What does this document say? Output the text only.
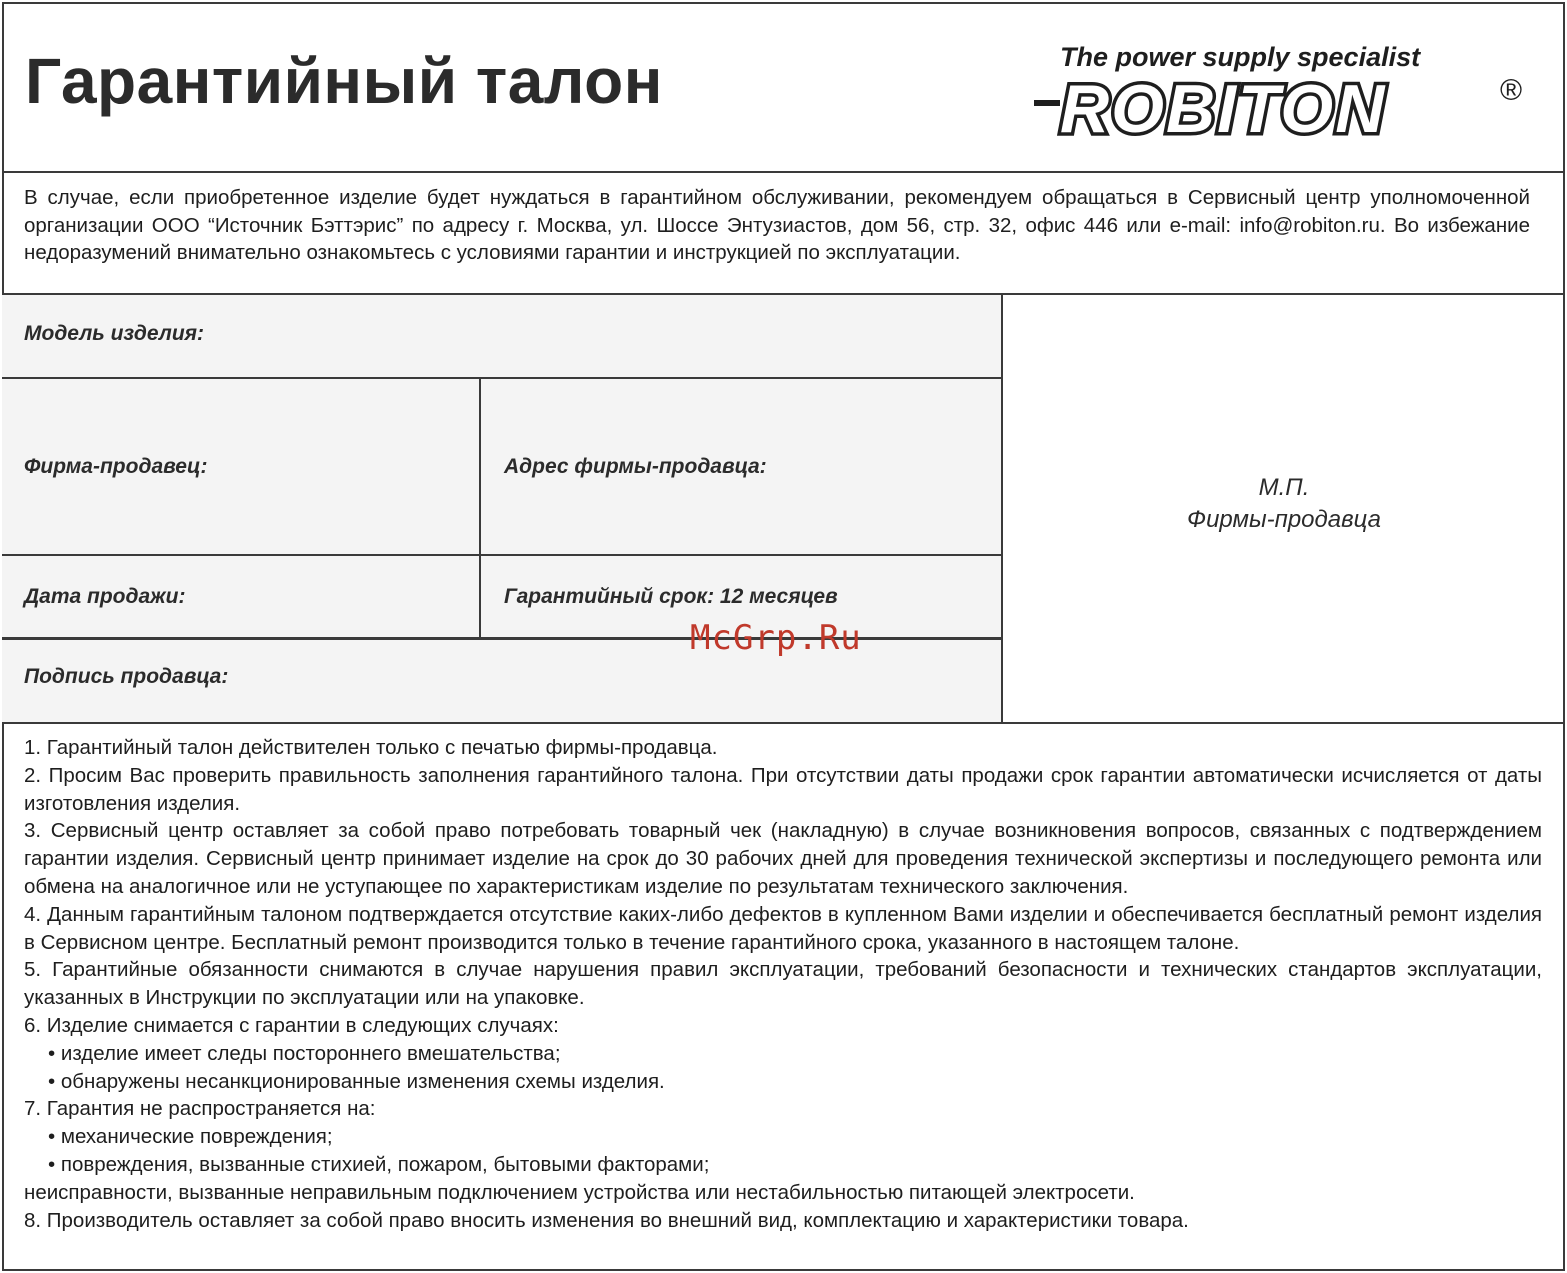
Гарантийный талон	The power supply specialist
ROBITON	®
В случае, если приобретенное изделие будет нуждаться в гарантийном обслуживании, рекомендуем обращаться в Сервисный центр уполномоченной организации ООО “Источник Бэттэрис” по адресу г. Москва, ул. Шоссе Энтузиастов, дом 56, стр. 32, офис 446 или e-mail: info@robiton.ru. Во избежание недоразумений внимательно ознакомьтесь с условиями гарантии и инструкцией по эксплуатации.
Модель изделия:
Фирма-продавец:	Адрес фирмы-продавца:
Дата продажи:	Гарантийный срок: 12 месяцев
Подпись продавца:
М.П.
Фирмы-продавца
McGrp.Ru

1. Гарантийный талон действителен только с печатью фирмы-продавца.

2. Просим Вас проверить правильность заполнения гарантийного талона. При отсутствии даты продажи срок гарантии автоматически исчисляется от даты изготовления изделия.

3. Сервисный центр оставляет за собой право потребовать товарный чек (накладную) в случае возникновения вопросов, связанных с подтверждением гарантии изделия. Сервисный центр принимает изделие на срок до 30 рабочих дней для проведения технической экспертизы и последующего ремонта или обмена на аналогичное или не уступающее по характеристикам изделие по результатам технического заключения.

4. Данным гарантийным талоном подтверждается отсутствие каких-либо дефектов в купленном Вами изделии и обеспечивается бесплатный ремонт изделия в Сервисном центре. Бесплатный ремонт производится только в течение гарантийного срока, указанного в настоящем талоне.

5. Гарантийные обязанности снимаются в случае нарушения правил эксплуатации, требований безопасности и технических стандартов эксплуатации, указанных в Инструкции по эксплуатации или на упаковке.

6. Изделие снимается с гарантии в следующих случаях:

• изделие имеет следы постороннего вмешательства;

• обнаружены несанкционированные изменения схемы изделия.

7. Гарантия не распространяется на:

• механические повреждения;

• повреждения, вызванные стихией, пожаром, бытовыми факторами;

неисправности, вызванные неправильным подключением устройства или нестабильностью питающей электросети.

8. Производитель оставляет за собой право вносить изменения во внешний вид, комплектацию и характеристики товара.
